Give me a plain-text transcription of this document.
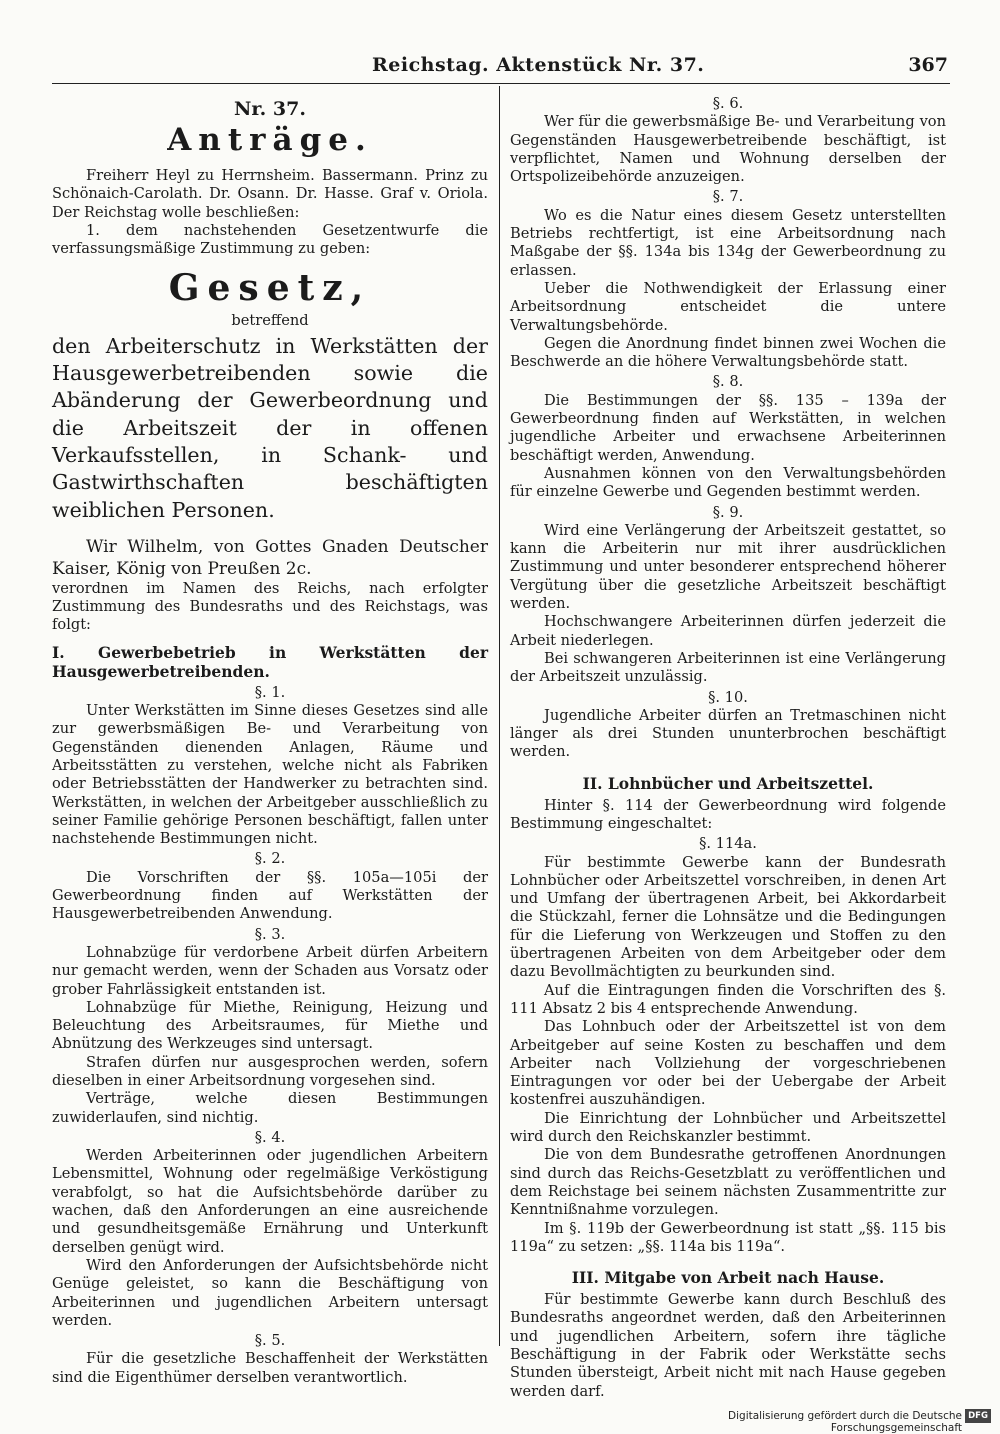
Reichstag. Aktenstück Nr. 37.	367

Nr. 37.

Anträge.

Freiherr Heyl zu Herrnsheim. Bassermann. Prinz zu Schönaich-Carolath. Dr. Osann. Dr. Hasse. Graf v. Oriola. Der Reichstag wolle beschließen:

1. dem nachstehenden Gesetzentwurfe die verfassungsmäßige Zustimmung zu geben:

Gesetz,

betreffend

den Arbeiterschutz in Werkstätten der Hausgewerbetreibenden sowie die Abänderung der Gewerbeordnung und die Arbeitszeit der in offenen Verkaufsstellen, in Schank- und Gastwirthschaften beschäftigten weiblichen Personen.

Wir Wilhelm, von Gottes Gnaden Deutscher Kaiser, König von Preußen 2c.

verordnen im Namen des Reichs, nach erfolgter Zustimmung des Bundesraths und des Reichstags, was folgt:

I. Gewerbebetrieb in Werkstätten der Hausgewerbetreibenden.

§. 1.

Unter Werkstätten im Sinne dieses Gesetzes sind alle zur gewerbsmäßigen Be- und Verarbeitung von Gegenständen dienenden Anlagen, Räume und Arbeitsstätten zu verstehen, welche nicht als Fabriken oder Betriebsstätten der Handwerker zu betrachten sind. Werkstätten, in welchen der Arbeitgeber ausschließlich zu seiner Familie gehörige Personen beschäftigt, fallen unter nachstehende Bestimmungen nicht.

§. 2.

Die Vorschriften der §§. 105a—105i der Gewerbeordnung finden auf Werkstätten der Hausgewerbetreibenden Anwendung.

§. 3.

Lohnabzüge für verdorbene Arbeit dürfen Arbeitern nur gemacht werden, wenn der Schaden aus Vorsatz oder grober Fahrlässigkeit entstanden ist.

Lohnabzüge für Miethe, Reinigung, Heizung und Beleuchtung des Arbeitsraumes, für Miethe und Abnützung des Werkzeuges sind untersagt.

Strafen dürfen nur ausgesprochen werden, sofern dieselben in einer Arbeitsordnung vorgesehen sind.

Verträge, welche diesen Bestimmungen zuwiderlaufen, sind nichtig.

§. 4.

Werden Arbeiterinnen oder jugendlichen Arbeitern Lebensmittel, Wohnung oder regelmäßige Verköstigung verabfolgt, so hat die Aufsichtsbehörde darüber zu wachen, daß den Anforderungen an eine ausreichende und gesundheitsgemäße Ernährung und Unterkunft derselben genügt wird.

Wird den Anforderungen der Aufsichtsbehörde nicht Genüge geleistet, so kann die Beschäftigung von Arbeiterinnen und jugendlichen Arbeitern untersagt werden.

§. 5.

Für die gesetzliche Beschaffenheit der Werkstätten sind die Eigenthümer derselben verantwortlich.

§. 6.

Wer für die gewerbsmäßige Be- und Verarbeitung von Gegenständen Hausgewerbetreibende beschäftigt, ist verpflichtet, Namen und Wohnung derselben der Ortspolizeibehörde anzuzeigen.

§. 7.

Wo es die Natur eines diesem Gesetz unterstellten Betriebs rechtfertigt, ist eine Arbeitsordnung nach Maßgabe der §§. 134a bis 134g der Gewerbeordnung zu erlassen.

Ueber die Nothwendigkeit der Erlassung einer Arbeitsordnung entscheidet die untere Verwaltungsbehörde.

Gegen die Anordnung findet binnen zwei Wochen die Beschwerde an die höhere Verwaltungsbehörde statt.

§. 8.

Die Bestimmungen der §§. 135 – 139a der Gewerbeordnung finden auf Werkstätten, in welchen jugendliche Arbeiter und erwachsene Arbeiterinnen beschäftigt werden, Anwendung.

Ausnahmen können von den Verwaltungsbehörden für einzelne Gewerbe und Gegenden bestimmt werden.

§. 9.

Wird eine Verlängerung der Arbeitszeit gestattet, so kann die Arbeiterin nur mit ihrer ausdrücklichen Zustimmung und unter besonderer entsprechend höherer Vergütung über die gesetzliche Arbeitszeit beschäftigt werden.

Hochschwangere Arbeiterinnen dürfen jederzeit die Arbeit niederlegen.

Bei schwangeren Arbeiterinnen ist eine Verlängerung der Arbeitszeit unzulässig.

§. 10.

Jugendliche Arbeiter dürfen an Tretmaschinen nicht länger als drei Stunden ununterbrochen beschäftigt werden.

II. Lohnbücher und Arbeitszettel.

Hinter §. 114 der Gewerbeordnung wird folgende Bestimmung eingeschaltet:

§. 114a.

Für bestimmte Gewerbe kann der Bundesrath Lohnbücher oder Arbeitszettel vorschreiben, in denen Art und Umfang der übertragenen Arbeit, bei Akkordarbeit die Stückzahl, ferner die Lohnsätze und die Bedingungen für die Lieferung von Werkzeugen und Stoffen zu den übertragenen Arbeiten von dem Arbeitgeber oder dem dazu Bevollmächtigten zu beurkunden sind.

Auf die Eintragungen finden die Vorschriften des §. 111 Absatz 2 bis 4 entsprechende Anwendung.

Das Lohnbuch oder der Arbeitszettel ist von dem Arbeitgeber auf seine Kosten zu beschaffen und dem Arbeiter nach Vollziehung der vorgeschriebenen Eintragungen vor oder bei der Uebergabe der Arbeit kostenfrei auszuhändigen.

Die Einrichtung der Lohnbücher und Arbeitszettel wird durch den Reichskanzler bestimmt.

Die von dem Bundesrathe getroffenen Anordnungen sind durch das Reichs-Gesetzblatt zu veröffentlichen und dem Reichstage bei seinem nächsten Zusammentritte zur Kenntnißnahme vorzulegen.

Im §. 119b der Gewerbeordnung ist statt „§§. 115 bis 119a“ zu setzen: „§§. 114a bis 119a“.

III. Mitgabe von Arbeit nach Hause.

Für bestimmte Gewerbe kann durch Beschluß des Bundesraths angeordnet werden, daß den Arbeiterinnen und jugendlichen Arbeitern, sofern ihre tägliche Beschäftigung in der Fabrik oder Werkstätte sechs Stunden übersteigt, Arbeit nicht mit nach Hause gegeben werden darf.

Digitalisierung gefördert durch die Deutsche Forschungsgemeinschaft
DFG
